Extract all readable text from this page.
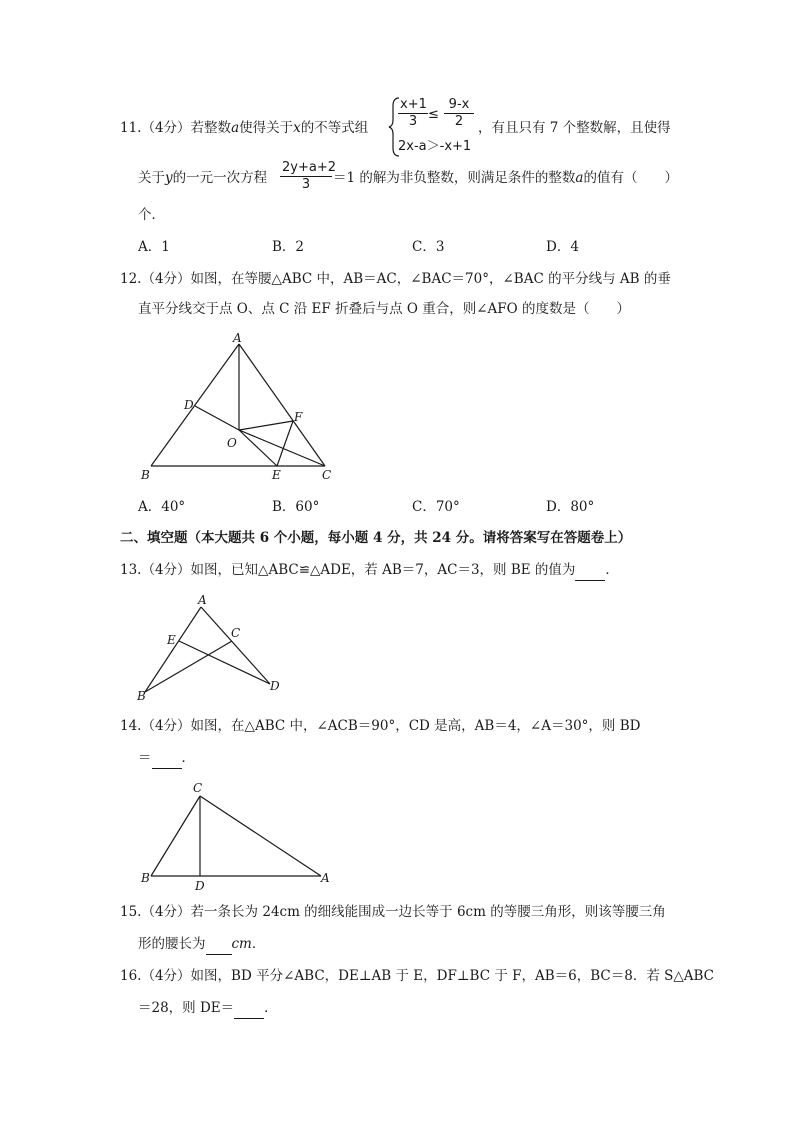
11.（4分）若整数a使得关于x的不等式组 $\frac{x+1}{3} \le \frac{9-x}{2}$
2x-a＞-x+1
，有且只有 7 个整数解，且使得
关于y的一元一次方程 $\frac{2y+a+2}{3} =1$ 的解为非负整数，则满足条件的整数a的值有（　　）
个．
A．1	B．2	C．3	D．4
12.（4分）如图，在等腰△ABC 中，AB＝AC，∠BAC＝70°，∠BAC 的平分线与 AB 的垂
直平分线交于点 O、点 C 沿 EF 折叠后与点 O 重合，则∠AFO 的度数是（　　）
A
B	C
D
E
F
O
A．40°	B．60°	C．70°	D．80°
二、填空题（本大题共 6 个小题，每小题 4 分，共 24 分。请将答案写在答题卷上）
13.（4分）如图，已知△ABC≌△ADE，若 AB＝7，AC＝3，则 BE 的值为 ．
A
B
C
D
E
14.（4分）如图，在△ABC 中，∠ACB＝90°，CD 是高，AB＝4，∠A＝30°，则 BD
＝ ．
C
B
D
A
15.（4分）若一条长为 24cm 的细线能围成一边长等于 6cm 的等腰三角形，则该等腰三角
形的腰长为 cm．
16.（4分）如图，BD 平分∠ABC，DE⊥AB 于 E，DF⊥BC 于 F，AB＝6，BC＝8．若 S△ABC
＝28，则 DE＝ ．
